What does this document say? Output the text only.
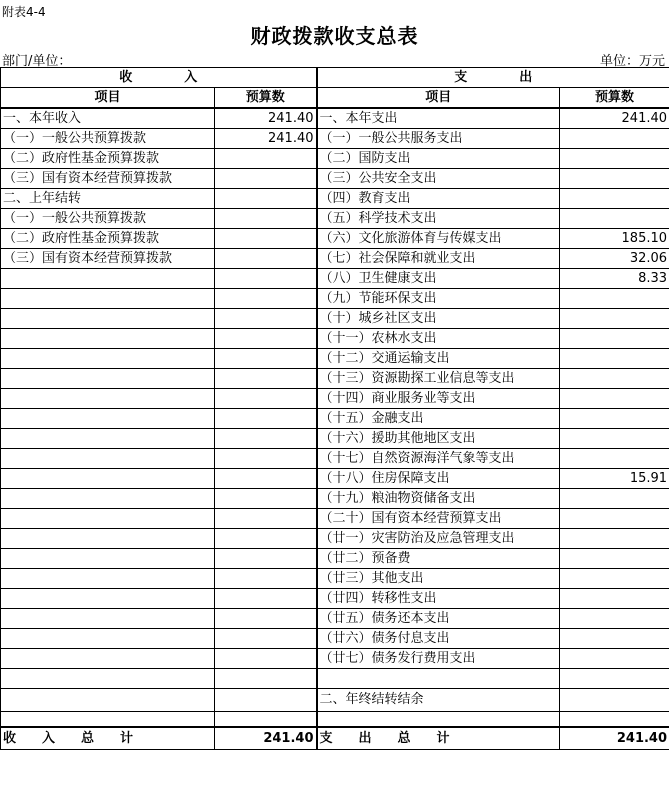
附表4-4
财政拨款收支总表
部门/单位：	单位：万元
收　　　　入		支　　　　出	
项目	预算数	项目	预算数
一、本年收入	241.40	一、本年支出	241.40
（一）一般公共预算拨款	241.40	（一）一般公共服务支出	
（二）政府性基金预算拨款		（二）国防支出	
（三）国有资本经营预算拨款		（三）公共安全支出	
二、上年结转		（四）教育支出	
（一）一般公共预算拨款		（五）科学技术支出	
（二）政府性基金预算拨款		（六）文化旅游体育与传媒支出	185.10
（三）国有资本经营预算拨款		（七）社会保障和就业支出	32.06
		（八）卫生健康支出	8.33
		（九）节能环保支出	
		（十）城乡社区支出	
		（十一）农林水支出	
		（十二）交通运输支出	
		（十三）资源勘探工业信息等支出	
		（十四）商业服务业等支出	
		（十五）金融支出	
		（十六）援助其他地区支出	
		（十七）自然资源海洋气象等支出	
		（十八）住房保障支出	15.91
		（十九）粮油物资储备支出	
		（二十）国有资本经营预算支出	
		（廿一）灾害防治及应急管理支出	
		（廿二）预备费	
		（廿三）其他支出	
		（廿四）转移性支出	
		（廿五）债务还本支出	
		（廿六）债务付息支出	
		（廿七）债务发行费用支出	

		二、年终结转结余	

收　　入　　总　　计	241.40	支　　出　　总　　计	241.40
